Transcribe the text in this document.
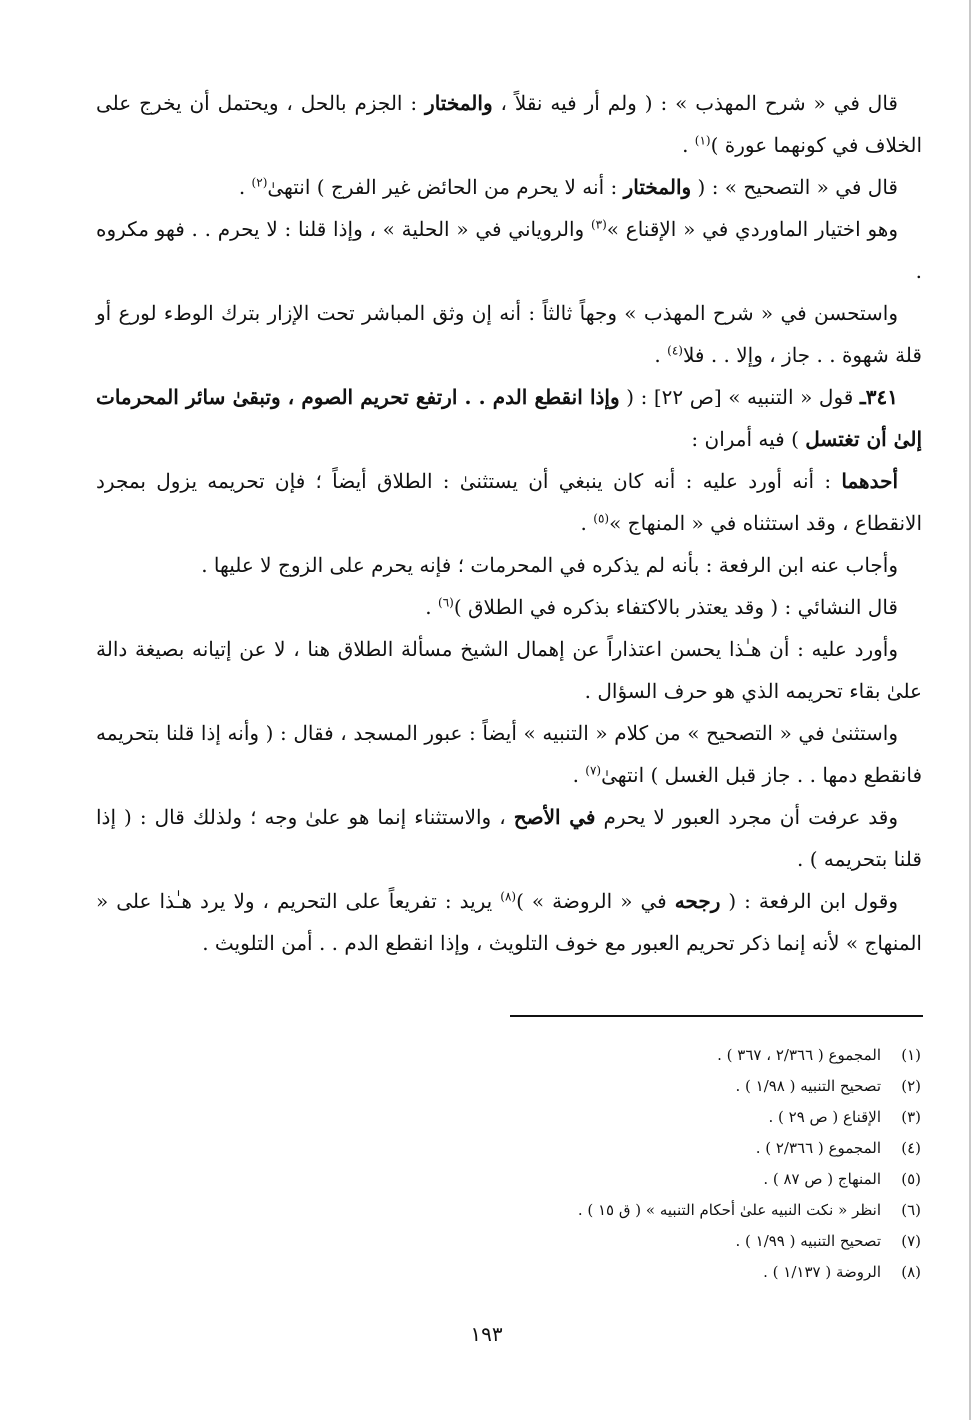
قال في « شرح المهذب » : ( ولم أر فيه نقلاً ، والمختار : الجزم بالحل ، ويحتمل أن يخرج على الخلاف في كونهما عورة )$^{(١)}$ .

قال في « التصحيح » : ( والمختار : أنه لا يحرم من الحائض غير الفرج ) انتهىٰ$^{(٢)}$ .

وهو اختيار الماوردي في « الإقناع »$^{(٣)}$ والروياني في « الحلية » ، وإذا قلنا : لا يحرم . . فهو مكروه .

واستحسن في « شرح المهذب » وجهاً ثالثاً : أنه إن وثق المباشر تحت الإزار بترك الوطء لورع أو قلة شهوة . . جاز ، وإلا . . فلا$^{(٤)}$ .

٣٤١ـ قول « التنبيه » [ص ٢٢] : ( وإذا انقطع الدم . . ارتفع تحريم الصوم ، وتبقىٰ سائر المحرمات إلىٰ أن تغتسل ) فيه أمران :

أحدهما : أنه أورد عليه : أنه كان ينبغي أن يستثنىٰ : الطلاق أيضاً ؛ فإن تحريمه يزول بمجرد الانقطاع ، وقد استثناه في « المنهاج »$^{(٥)}$ .

وأجاب عنه ابن الرفعة : بأنه لم يذكره في المحرمات ؛ فإنه يحرم على الزوج لا عليها .

قال النشائي : ( وقد يعتذر بالاكتفاء بذكره في الطلاق )$^{(٦)}$ .

وأورد عليه : أن هـٰذا يحسن اعتذاراً عن إهمال الشيخ مسألة الطلاق هنا ، لا عن إتيانه بصيغة دالة علىٰ بقاء تحريمه الذي هو حرف السؤال .

واستثنىٰ في « التصحيح » من كلام « التنبيه » أيضاً : عبور المسجد ، فقال : ( وأنه إذا قلنا بتحريمه فانقطع دمها . . جاز قبل الغسل ) انتهىٰ$^{(٧)}$ .

وقد عرفت أن مجرد العبور لا يحرم في الأصح ، والاستثناء إنما هو علىٰ وجه ؛ ولذلك قال : ( إذا قلنا بتحريمه ) .

وقول ابن الرفعة : ( رجحه في « الروضة » )$^{(٨)}$ يريد : تفريعاً على التحريم ، ولا يرد هـٰذا على « المنهاج » لأنه إنما ذكر تحريم العبور مع خوف التلويث ، وإذا انقطع الدم . . أمن التلويث .

(١)
المجموع ( ٢/٣٦٦ ، ٣٦٧ ) .
(٢)
تصحيح التنبيه ( ١/٩٨ ) .
(٣)
الإقناع ( ص ٢٩ ) .
(٤)
المجموع ( ٢/٣٦٦ ) .
(٥)
المنهاج ( ص ٨٧ ) .
(٦)
انظر « نكت النبيه علىٰ أحكام التنبيه » ( ق ١٥ ) .
(٧)
تصحيح التنبيه ( ١/٩٩ ) .
(٨)
الروضة ( ١/١٣٧ ) .
١٩٣
